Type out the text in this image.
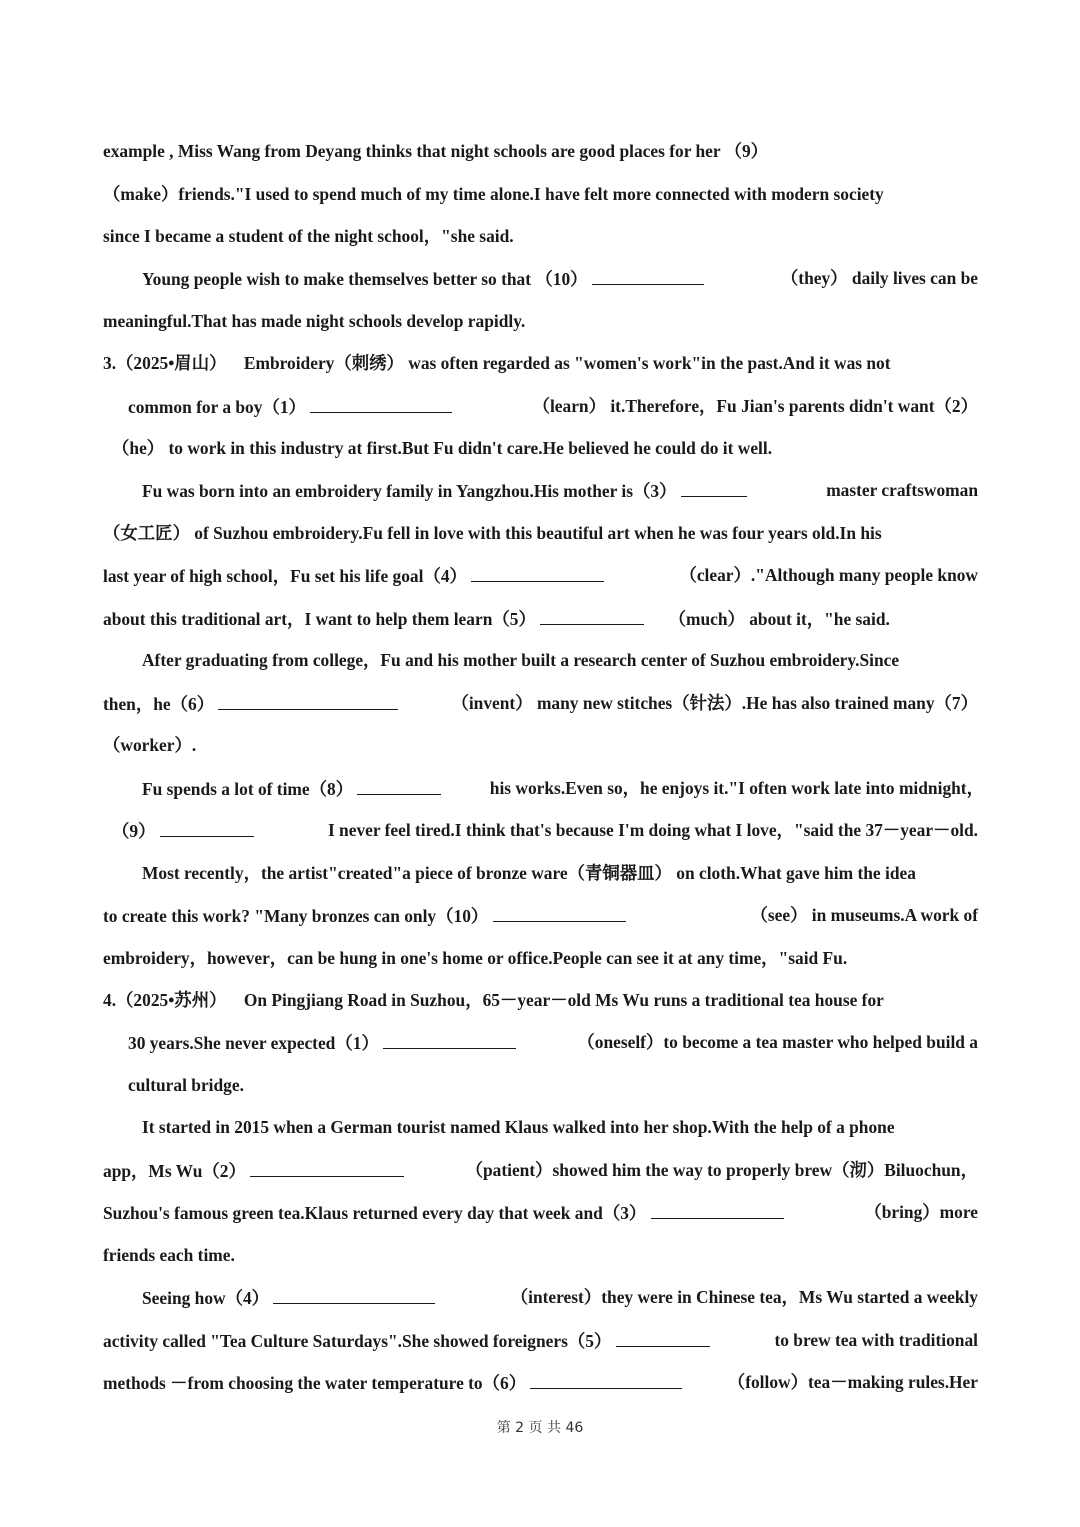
example , Miss Wang from Deyang thinks that night schools are good places for her （9）
（make）friends."I used to spend much of my time alone.I have felt more connected with modern society
since I became a student of the night school，"she said.
Young people wish to make themselves better so that （10）	（they） daily lives can be
meaningful.That has made night schools develop rapidly.
3.（2025•眉山）    Embroidery（刺绣） was often regarded as "women's work"in the past.And it was not
common for a boy（1）	（learn） it.Therefore，Fu Jian's parents didn't want（2）
（he） to work in this industry at first.But Fu didn't care.He believed he could do it well.
Fu was born into an embroidery family in Yangzhou.His mother is（3）	master craftswoman
（女工匠） of Suzhou embroidery.Fu fell in love with this beautiful art when he was four years old.In his
last year of high school，Fu set his life goal（4）	（clear）."Although many people know
about this traditional art，I want to help them learn（5）	（much） about it，"he said.
After graduating from college，Fu and his mother built a research center of Suzhou embroidery.Since
then，he（6）	（invent） many new stitches（针法）.He has also trained many（7）
（worker）.
Fu spends a lot of time（8）	his works.Even so，he enjoys it."I often work late into midnight，
（9）	I never feel tired.I think that's because I'm doing what I love，"said the 37－year－old.
Most recently，the artist"created"a piece of bronze ware（青铜器皿） on cloth.What gave him the idea
to create this work? "Many bronzes can only（10）	（see） in museums.A work of
embroidery，however，can be hung in one's home or office.People can see it at any time，"said Fu.
4.（2025•苏州）    On Pingjiang Road in Suzhou，65－year－old Ms Wu runs a traditional tea house for
30 years.She never expected（1）	（oneself）to become a tea master who helped build a
cultural bridge.
It started in 2015 when a German tourist named Klaus walked into her shop.With the help of a phone
app，Ms Wu（2）	（patient）showed him the way to properly brew（沏）Biluochun，
Suzhou's famous green tea.Klaus returned every day that week and（3）	（bring）more
friends each time.
Seeing how（4）	（interest）they were in Chinese tea，Ms Wu started a weekly
activity called "Tea Culture Saturdays".She showed foreigners（5）	to brew tea with traditional
methods －from choosing the water temperature to（6）	（follow）tea－making rules.Her
第 2 页 共 46
